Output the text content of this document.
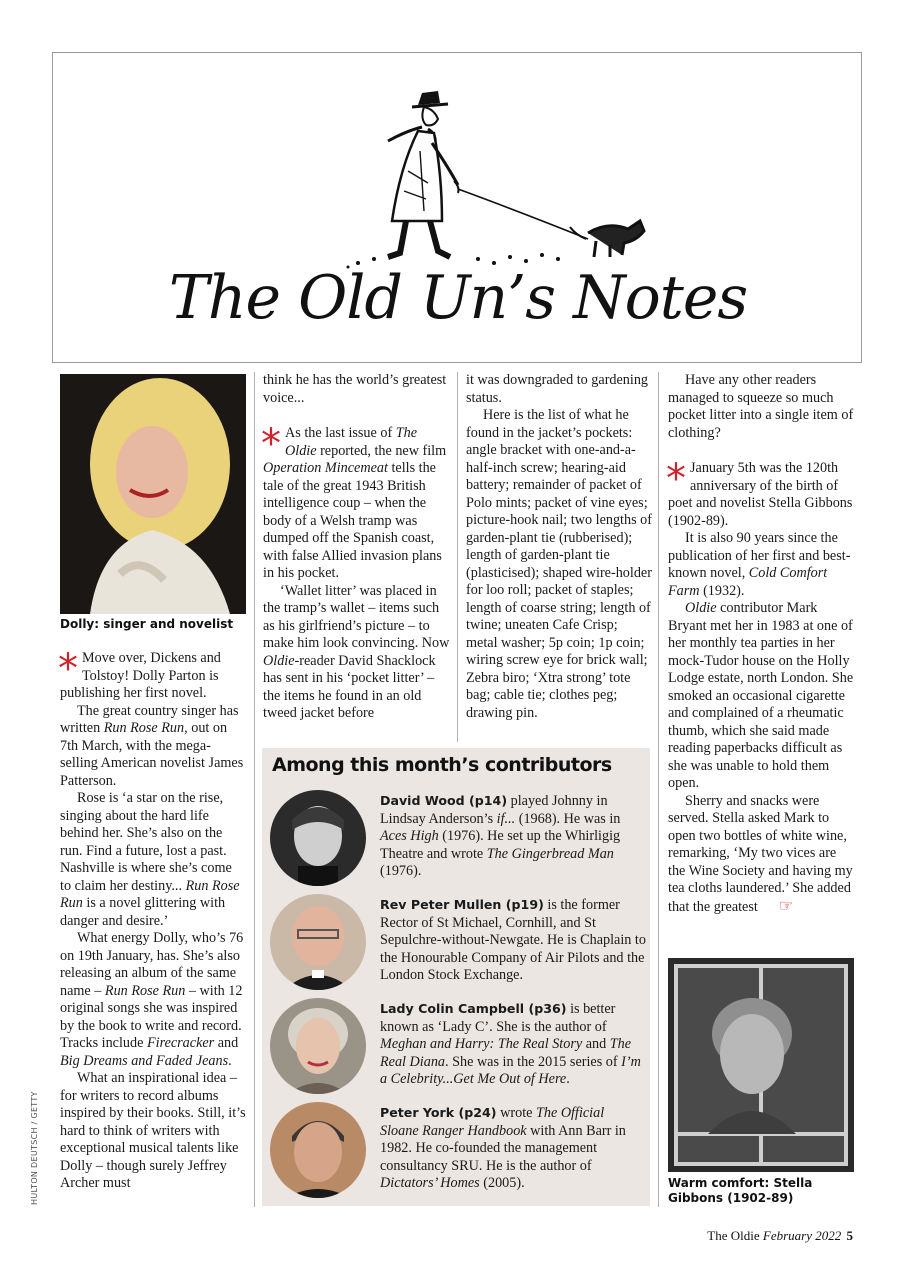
The Old Un’s Notes
Dolly: singer and novelist

* Move over, Dickens and Tolstoy! Dolly Parton is publishing her first novel.

The great country singer has written Run Rose Run, out on 7th March, with the mega-selling American novelist James Patterson.

Rose is ‘a star on the rise, singing about the hard life behind her. She’s also on the run. Find a future, lost a past. Nashville is where she’s come to claim her destiny... Run Rose Run is a novel glittering with danger and desire.’

What energy Dolly, who’s 76 on 19th January, has. She’s also releasing an album of the same name – Run Rose Run – with 12 original songs she was inspired by the book to write and record. Tracks include Firecracker and Big Dreams and Faded Jeans.

What an inspirational idea – for writers to record albums inspired by their books. Still, it’s hard to think of writers with exceptional musical talents like Dolly – though surely Jeffrey Archer must

think he has the world’s greatest voice...

* As the last issue of The Oldie reported, the new film Operation Mincemeat tells the tale of the great 1943 British intelligence coup – when the body of a Welsh tramp was dumped off the Spanish coast, with false Allied invasion plans in his pocket.

‘Wallet litter’ was placed in the tramp’s wallet – items such as his girlfriend’s picture – to make him look convincing. Now Oldie-reader David Shacklock has sent in his ‘pocket litter’ – the items he found in an old tweed jacket before

it was downgraded to gardening status.

Here is the list of what he found in the jacket’s pockets: angle bracket with one-and-a-half-inch screw; hearing-aid battery; remainder of packet of Polo mints; packet of vine eyes; picture-hook nail; two lengths of garden-plant tie (rubberised); length of garden-plant tie (plasticised); shaped wire-holder for loo roll; packet of staples; length of coarse string; length of twine; uneaten Cafe Crisp; metal washer; 5p coin; 1p coin; wiring screw eye for brick wall; Zebra biro; ‘Xtra strong’ tote bag; cable tie; clothes peg; drawing pin.

Among this month’s contributors
David Wood (p14) played Johnny in Lindsay Anderson’s if... (1968). He was in Aces High (1976). He set up the Whirligig Theatre and wrote The Gingerbread Man (1976).
Rev Peter Mullen (p19) is the former Rector of St Michael, Cornhill, and St Sepulchre-without-Newgate. He is Chaplain to the Honourable Company of Air Pilots and the London Stock Exchange.
Lady Colin Campbell (p36) is better known as ‘Lady C’. She is the author of Meghan and Harry: The Real Story and The Real Diana. She was in the 2015 series of I’m a Celebrity...Get Me Out of Here.
Peter York (p24) wrote The Official Sloane Ranger Handbook with Ann Barr in 1982. He co-founded the management consultancy SRU. He is the author of Dictators’ Homes (2005).

Have any other readers managed to squeeze so much pocket litter into a single item of clothing?

* January 5th was the 120th anniversary of the birth of poet and novelist Stella Gibbons (1902-89).

It is also 90 years since the publication of her first and best-known novel, Cold Comfort Farm (1932).

Oldie contributor Mark Bryant met her in 1983 at one of her monthly tea parties in her mock-Tudor house on the Holly Lodge estate, north London. She smoked an occasional cigarette and complained of a rheumatic thumb, which she said made reading paperbacks difficult as she was unable to hold them open.

Sherry and snacks were served. Stella asked Mark to open two bottles of white wine, remarking, ‘My two vices are the Wine Society and having my tea cloths laundered.’ She added that the greatest ☞

Warm comfort: Stella Gibbons (1902-89)
HULTON DEUTSCH / GETTY
The Oldie February 2022 5
